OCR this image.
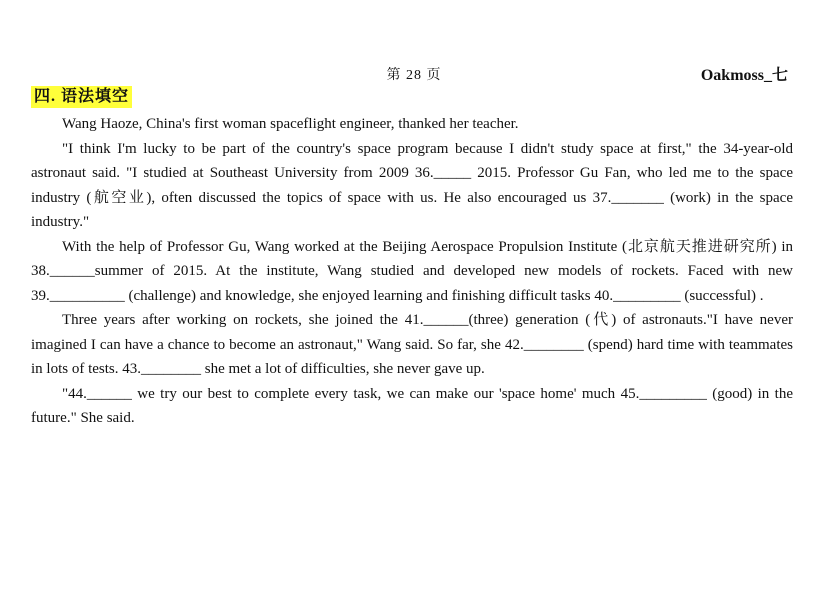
第 28 页	Oakmoss_七
四. 语法填空

Wang Haoze, China's first woman spaceflight engineer, thanked her teacher.

"I think I'm lucky to be part of the country's space program because I didn't study space at first," the 34-year-old astronaut said. "I studied at Southeast University from 2009 36._____ 2015. Professor Gu Fan, who led me to the space industry (航空业), often discussed the topics of space with us. He also encouraged us 37._______ (work) in the space industry."

With the help of Professor Gu, Wang worked at the Beijing Aerospace Propulsion Institute (北京航天推进研究所) in 38.______summer of 2015. At the institute, Wang studied and developed new models of rockets. Faced with new 39.__________ (challenge) and knowledge, she enjoyed learning and finishing difficult tasks 40._________ (successful) .

Three years after working on rockets, she joined the 41.______(three) generation (代) of astronauts."I have never imagined I can have a chance to become an astronaut," Wang said. So far, she 42.________ (spend) hard time with teammates in lots of tests. 43.________ she met a lot of difficulties, she never gave up.

"44.______ we try our best to complete every task, we can make our 'space home' much 45._________ (good) in the future." She said.
